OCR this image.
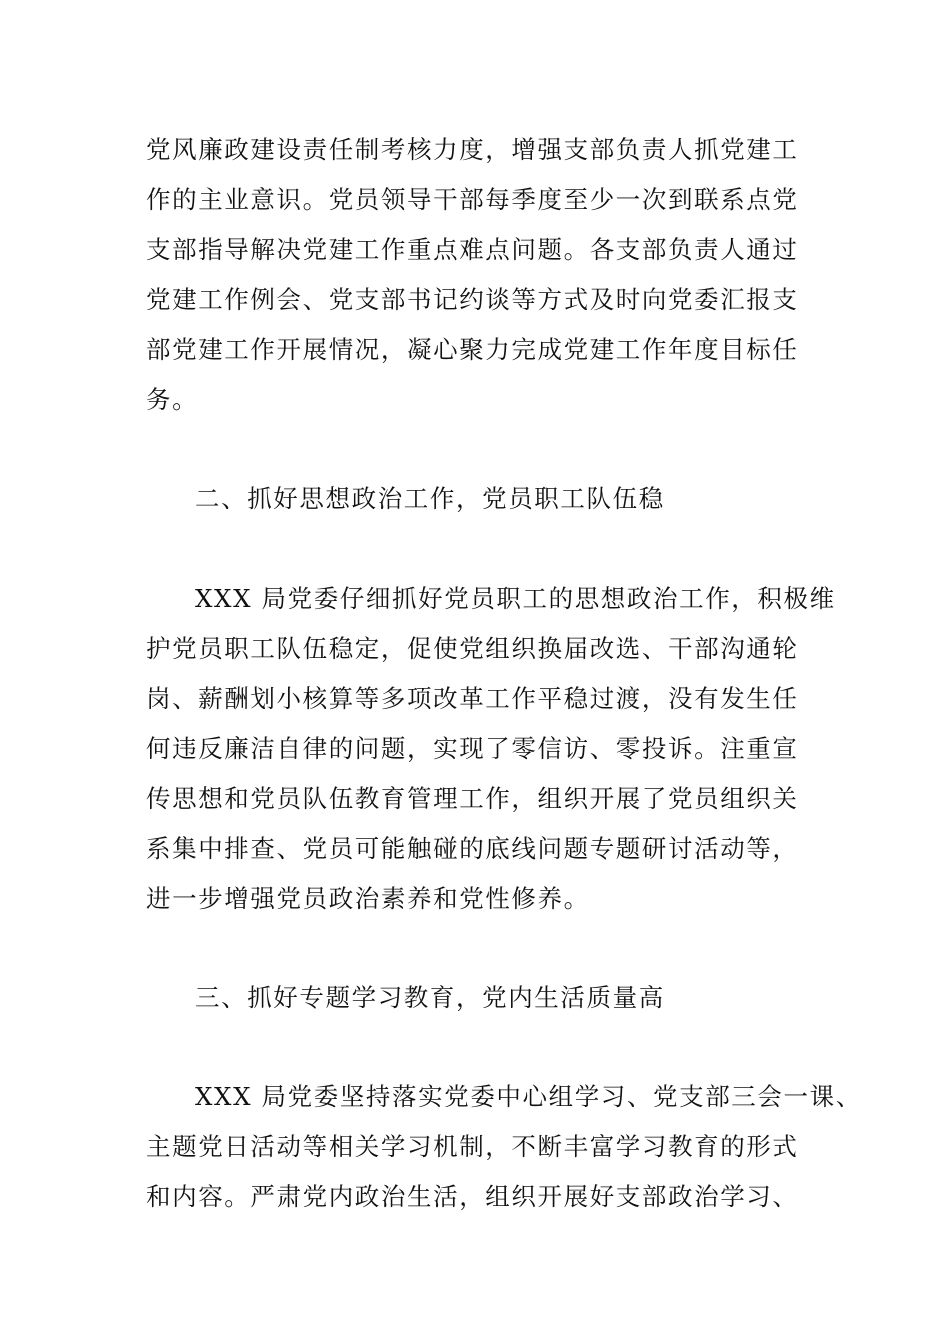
党风廉政建设责任制考核力度，增强支部负责人抓党建工
作的主业意识。党员领导干部每季度至少一次到联系点党
支部指导解决党建工作重点难点问题。各支部负责人通过
党建工作例会、党支部书记约谈等方式及时向党委汇报支
部党建工作开展情况，凝心聚力完成党建工作年度目标任
务。
二、抓好思想政治工作，党员职工队伍稳
XXX 局党委仔细抓好党员职工的思想政治工作，积极维
护党员职工队伍稳定，促使党组织换届改选、干部沟通轮
岗、薪酬划小核算等多项改革工作平稳过渡，没有发生任
何违反廉洁自律的问题，实现了零信访、零投诉。注重宣
传思想和党员队伍教育管理工作，组织开展了党员组织关
系集中排查、党员可能触碰的底线问题专题研讨活动等，
进一步增强党员政治素养和党性修养。
三、抓好专题学习教育，党内生活质量高
XXX 局党委坚持落实党委中心组学习、党支部三会一课、
主题党日活动等相关学习机制，不断丰富学习教育的形式
和内容。严肃党内政治生活，组织开展好支部政治学习、
